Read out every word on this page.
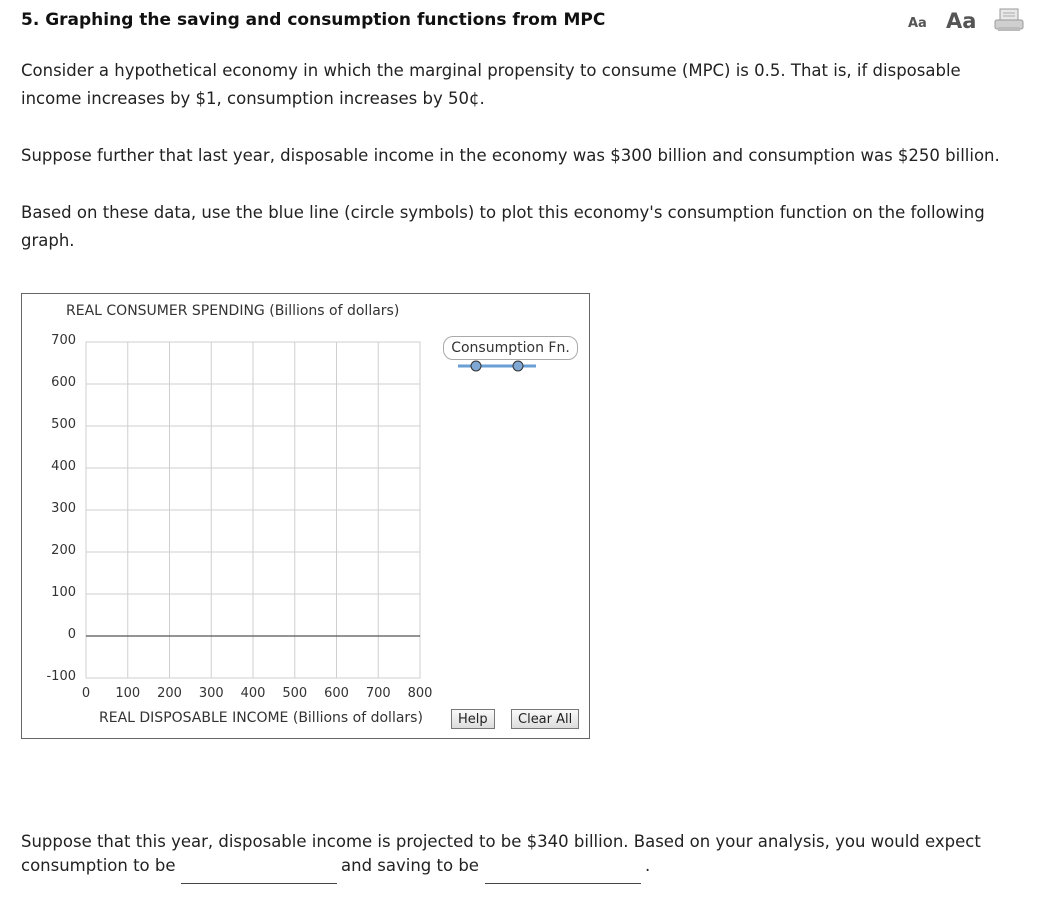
5. Graphing the saving and consumption functions from MPC	Aa Aa
Consider a hypothetical economy in which the marginal propensity to consume (MPC) is 0.5. That is, if disposable income increases by $1, consumption increases by 50¢.
Suppose further that last year, disposable income in the economy was $300 billion and consumption was $250 billion.
Based on these data, use the blue line (circle symbols) to plot this economy's consumption function on the following graph.
REAL CONSUMER SPENDING (Billions of dollars)
700
600
500
400
300
200
100
0
-100
0	100	200	300	400	500	600	700	800
REAL DISPOSABLE INCOME (Billions of dollars)
Consumption Fn.
Help	Clear All
Suppose that this year, disposable income is projected to be $340 billion. Based on your analysis, you would expect
consumption to be	and saving to be	.
